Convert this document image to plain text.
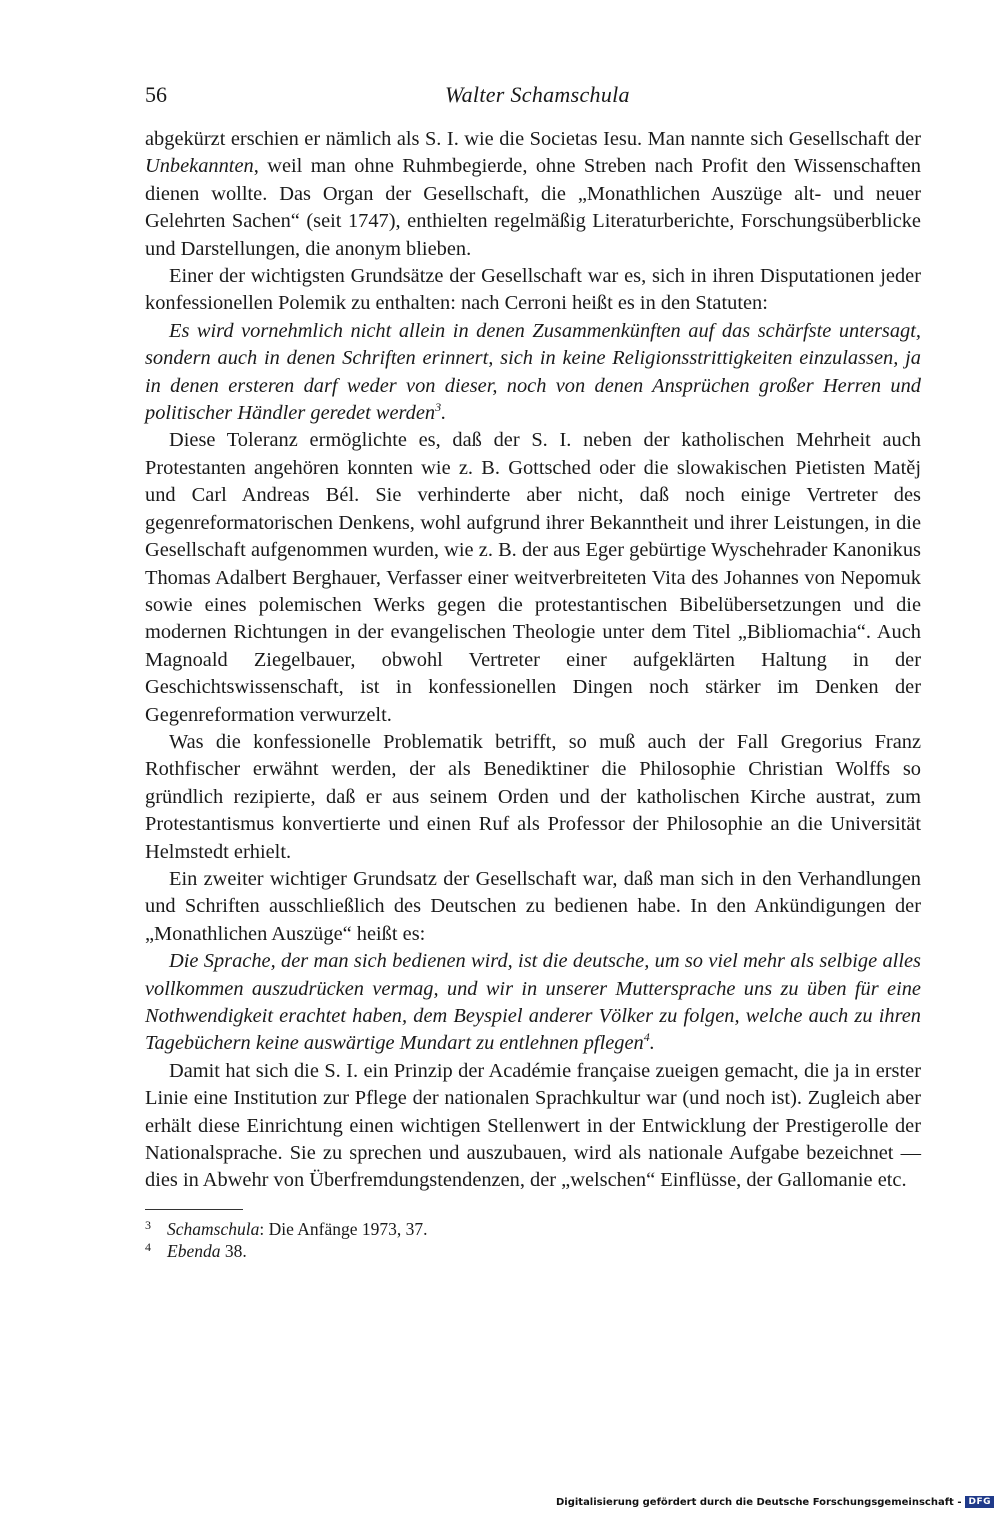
56	Walter Schamschula

abgekürzt erschien er nämlich als S. I. wie die Societas Iesu. Man nannte sich Gesellschaft der Unbekannten, weil man ohne Ruhmbegierde, ohne Streben nach Profit den Wissenschaften dienen wollte. Das Organ der Gesellschaft, die „Monathlichen Auszüge alt- und neuer Gelehrten Sachen“ (seit 1747), enthielten regelmäßig Literaturberichte, Forschungsüberblicke und Darstellungen, die anonym blieben.

Einer der wichtigsten Grundsätze der Gesellschaft war es, sich in ihren Disputationen jeder konfessionellen Polemik zu enthalten: nach Cerroni heißt es in den Statuten:

Es wird vornehmlich nicht allein in denen Zusammenkünften auf das schärfste untersagt, sondern auch in denen Schriften erinnert, sich in keine Religionsstrittigkeiten einzulassen, ja in denen ersteren darf weder von dieser, noch von denen Ansprüchen großer Herren und politischer Händler geredet werden$^3$.

Diese Toleranz ermöglichte es, daß der S. I. neben der katholischen Mehrheit auch Protestanten angehören konnten wie z. B. Gottsched oder die slowakischen Pietisten Matěj und Carl Andreas Bél. Sie verhinderte aber nicht, daß noch einige Vertreter des gegenreformatorischen Denkens, wohl aufgrund ihrer Bekanntheit und ihrer Leistungen, in die Gesellschaft aufgenommen wurden, wie z. B. der aus Eger gebürtige Wyschehrader Kanonikus Thomas Adalbert Berghauer, Verfasser einer weitverbreiteten Vita des Johannes von Nepomuk sowie eines polemischen Werks gegen die protestantischen Bibelübersetzungen und die modernen Richtungen in der evangelischen Theologie unter dem Titel „Bibliomachia“. Auch Magnoald Ziegelbauer, obwohl Vertreter einer aufgeklärten Haltung in der Geschichtswissenschaft, ist in konfessionellen Dingen noch stärker im Denken der Gegenreformation verwurzelt.

Was die konfessionelle Problematik betrifft, so muß auch der Fall Gregorius Franz Rothfischer erwähnt werden, der als Benediktiner die Philosophie Christian Wolffs so gründlich rezipierte, daß er aus seinem Orden und der katholischen Kirche austrat, zum Protestantismus konvertierte und einen Ruf als Professor der Philosophie an die Universität Helmstedt erhielt.

Ein zweiter wichtiger Grundsatz der Gesellschaft war, daß man sich in den Verhandlungen und Schriften ausschließlich des Deutschen zu bedienen habe. In den Ankündigungen der „Monathlichen Auszüge“ heißt es:

Die Sprache, der man sich bedienen wird, ist die deutsche, um so viel mehr als selbige alles vollkommen auszudrücken vermag, und wir in unserer Muttersprache uns zu üben für eine Nothwendigkeit erachtet haben, dem Beyspiel anderer Völker zu folgen, welche auch zu ihren Tagebüchern keine auswärtige Mundart zu entlehnen pflegen$^4$.

Damit hat sich die S. I. ein Prinzip der Académie française zueigen gemacht, die ja in erster Linie eine Institution zur Pflege der nationalen Sprachkultur war (und noch ist). Zugleich aber erhält diese Einrichtung einen wichtigen Stellenwert in der Entwicklung der Prestigerolle der Nationalsprache. Sie zu sprechen und auszubauen, wird als nationale Aufgabe bezeichnet — dies in Abwehr von Überfremdungstendenzen, der „welschen“ Einflüsse, der Gallomanie etc.

3 Schamschula: Die Anfänge 1973, 37.
4 Ebenda 38.
Digitalisierung gefördert durch die Deutsche Forschungsgemeinschaft - DFG
